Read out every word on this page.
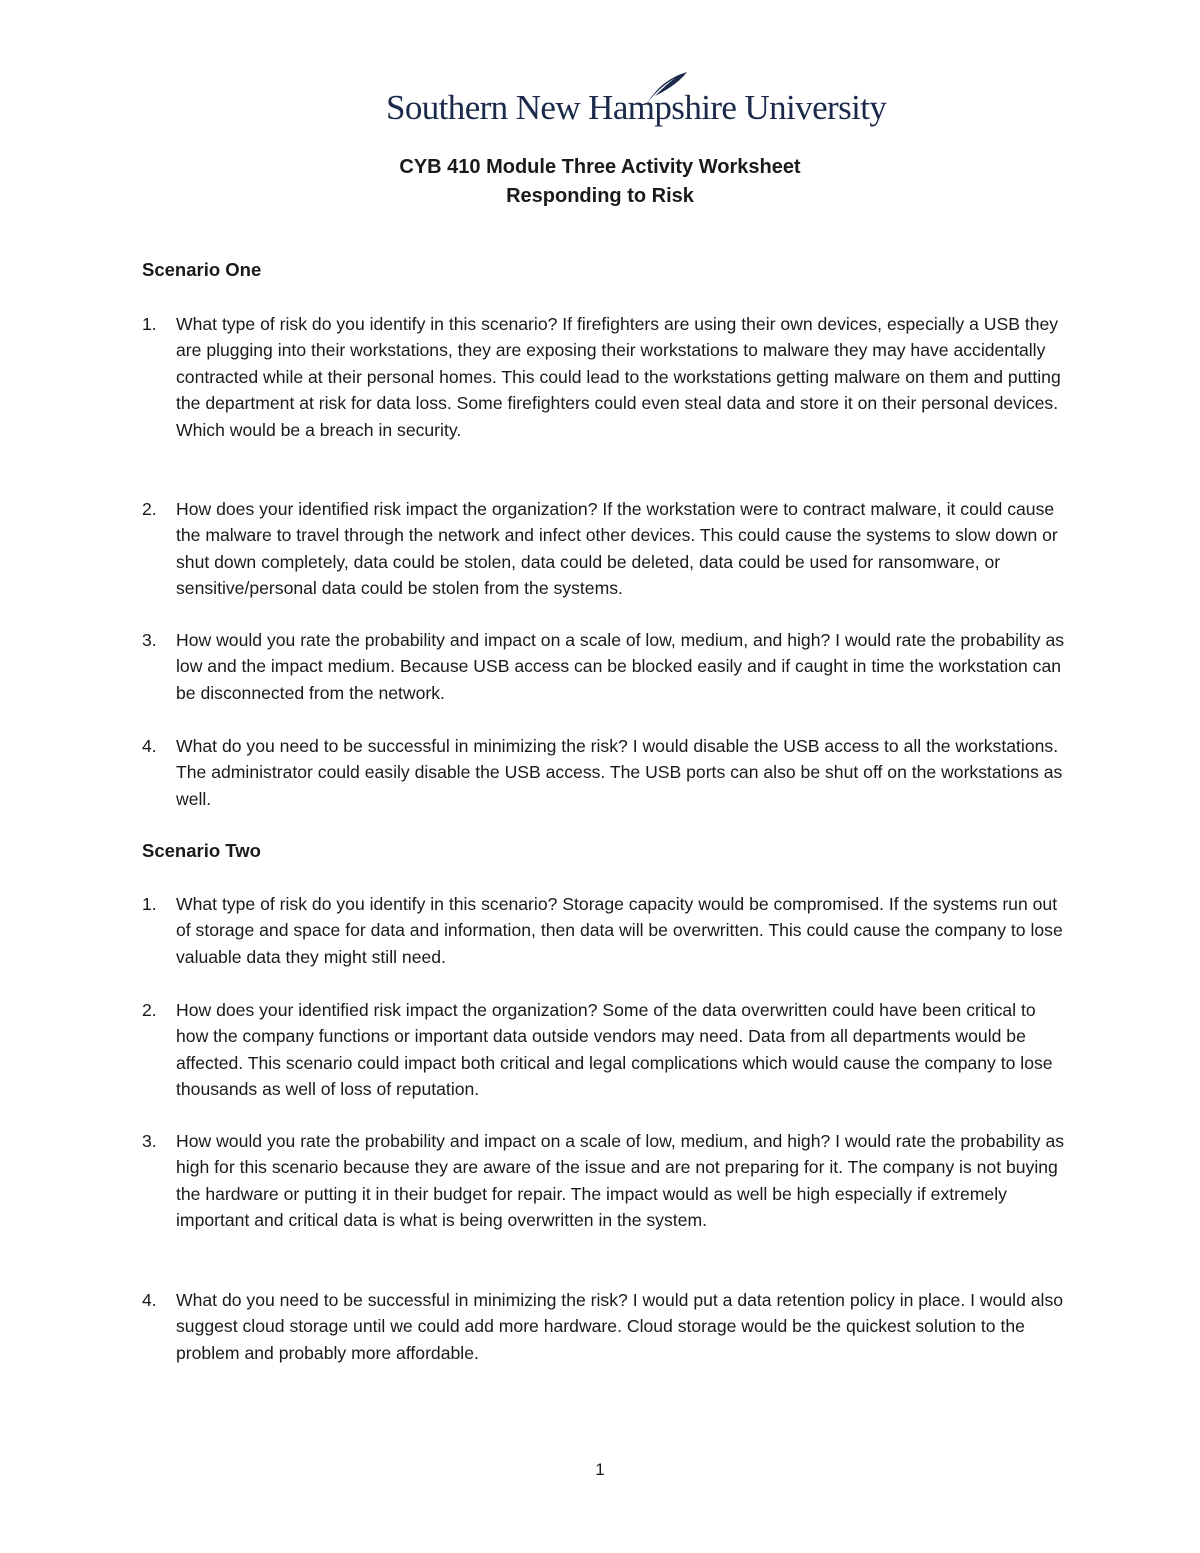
Southern New Hampshire University
CYB 410 Module Three Activity Worksheet
Responding to Risk
Scenario One
1.	What type of risk do you identify in this scenario? If firefighters are using their own devices, especially a USB they are plugging into their workstations, they are exposing their workstations to malware they may have accidentally contracted while at their personal homes. This could lead to the workstations getting malware on them and putting the department at risk for data loss. Some firefighters could even steal data and store it on their personal devices. Which would be a breach in security.
2.	How does your identified risk impact the organization? If the workstation were to contract malware, it could cause the malware to travel through the network and infect other devices. This could cause the systems to slow down or shut down completely, data could be stolen, data could be deleted, data could be used for ransomware, or sensitive/personal data could be stolen from the systems.
3.	How would you rate the probability and impact on a scale of low, medium, and high? I would rate the probability as low and the impact medium. Because USB access can be blocked easily and if caught in time the workstation can be disconnected from the network.
4.	What do you need to be successful in minimizing the risk? I would disable the USB access to all the workstations. The administrator could easily disable the USB access. The USB ports can also be shut off on the workstations as well.
Scenario Two
1.	What type of risk do you identify in this scenario? Storage capacity would be compromised. If the systems run out of storage and space for data and information, then data will be overwritten. This could cause the company to lose valuable data they might still need.
2.	How does your identified risk impact the organization? Some of the data overwritten could have been critical to how the company functions or important data outside vendors may need. Data from all departments would be affected. This scenario could impact both critical and legal complications which would cause the company to lose thousands as well of loss of reputation.
3.	How would you rate the probability and impact on a scale of low, medium, and high? I would rate the probability as high for this scenario because they are aware of the issue and are not preparing for it. The company is not buying the hardware or putting it in their budget for repair. The impact would as well be high especially if extremely important and critical data is what is being overwritten in the system.
4.	What do you need to be successful in minimizing the risk? I would put a data retention policy in place. I would also suggest cloud storage until we could add more hardware. Cloud storage would be the quickest solution to the problem and probably more affordable.
1
